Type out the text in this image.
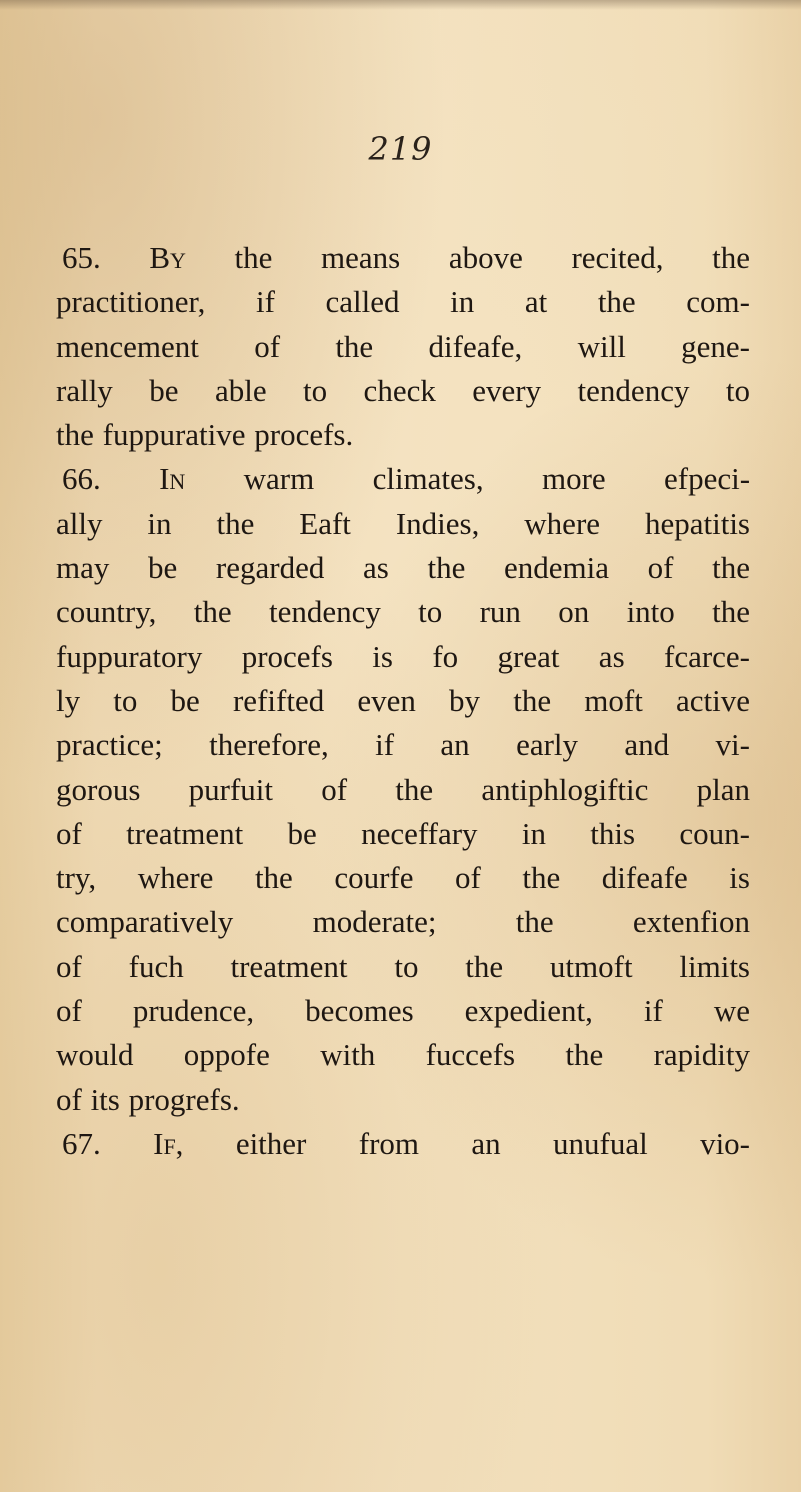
219
65. By the means above recited, the
practitioner, if called in at the com-
mencement of the difeafe, will gene-
rally be able to check every tendency to
the fuppurative procefs.
66. In warm climates, more efpeci-
ally in the Eaft Indies, where hepatitis
may be regarded as the endemia of the
country, the tendency to run on into the
fuppuratory procefs is fo great as fcarce-
ly to be refifted even by the moft active
practice; therefore, if an early and vi-
gorous purfuit of the antiphlogiftic plan
of treatment be neceffary in this coun-
try, where the courfe of the difeafe is
comparatively moderate; the extenfion
of fuch treatment to the utmoft limits
of prudence, becomes expedient, if we
would oppofe with fuccefs the rapidity
of its progrefs.
67. If, either from an unufual vio-
